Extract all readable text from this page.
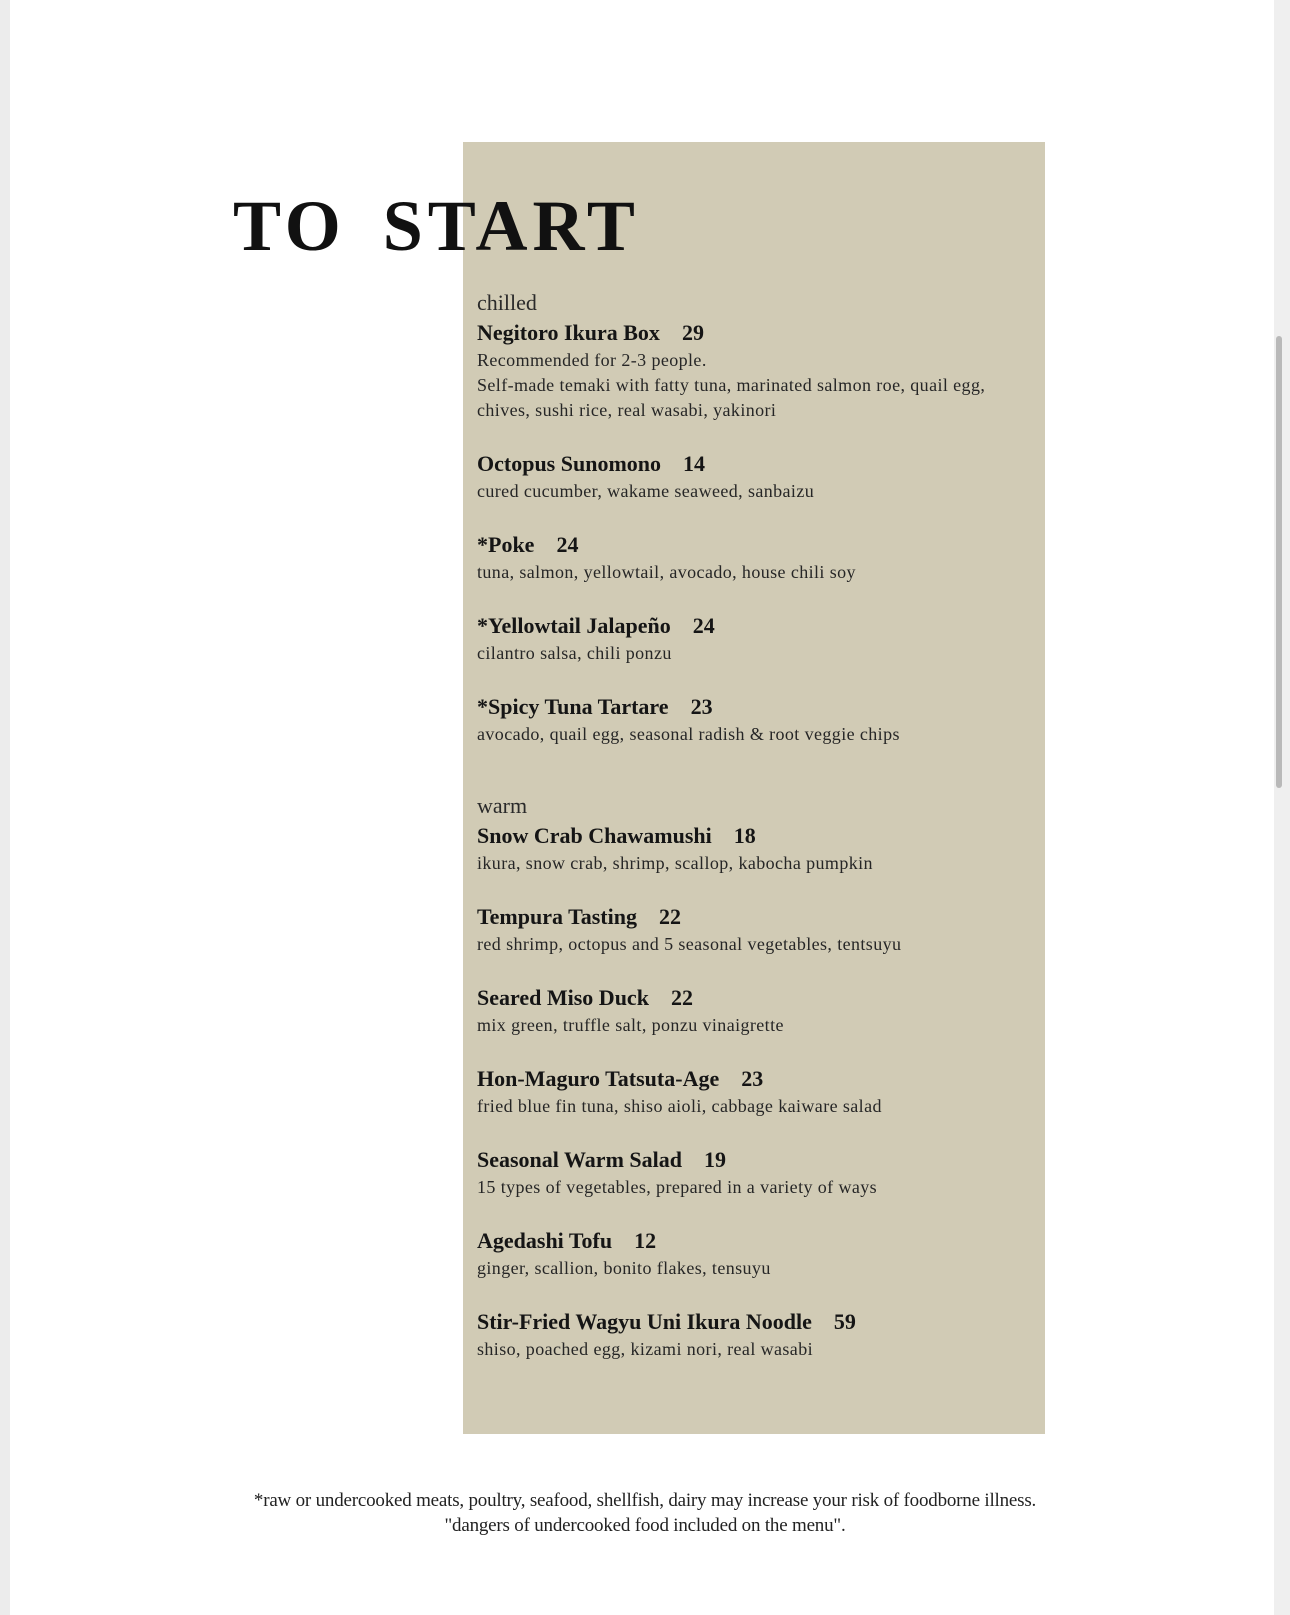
TO START
chilled
Negitoro Ikura Box 29
Recommended for 2-3 people.
Self-made temaki with fatty tuna, marinated salmon roe, quail egg, chives, sushi rice, real wasabi, yakinori
Octopus Sunomono 14
cured cucumber, wakame seaweed, sanbaizu
*Poke 24
tuna, salmon, yellowtail, avocado, house chili soy
*Yellowtail Jalapeño 24
cilantro salsa, chili ponzu
*Spicy Tuna Tartare 23
avocado, quail egg, seasonal radish & root veggie chips
warm
Snow Crab Chawamushi 18
ikura, snow crab, shrimp, scallop, kabocha pumpkin
Tempura Tasting 22
red shrimp, octopus and 5 seasonal vegetables, tentsuyu
Seared Miso Duck 22
mix green, truffle salt, ponzu vinaigrette
Hon-Maguro Tatsuta-Age 23
fried blue fin tuna, shiso aioli, cabbage kaiware salad
Seasonal Warm Salad 19
15 types of vegetables, prepared in a variety of ways
Agedashi Tofu 12
ginger, scallion, bonito flakes, tensuyu
Stir-Fried Wagyu Uni Ikura Noodle 59
shiso, poached egg, kizami nori, real wasabi
*raw or undercooked meats, poultry, seafood, shellfish, dairy may increase your risk of foodborne illness.
"dangers of undercooked food included on the menu".
